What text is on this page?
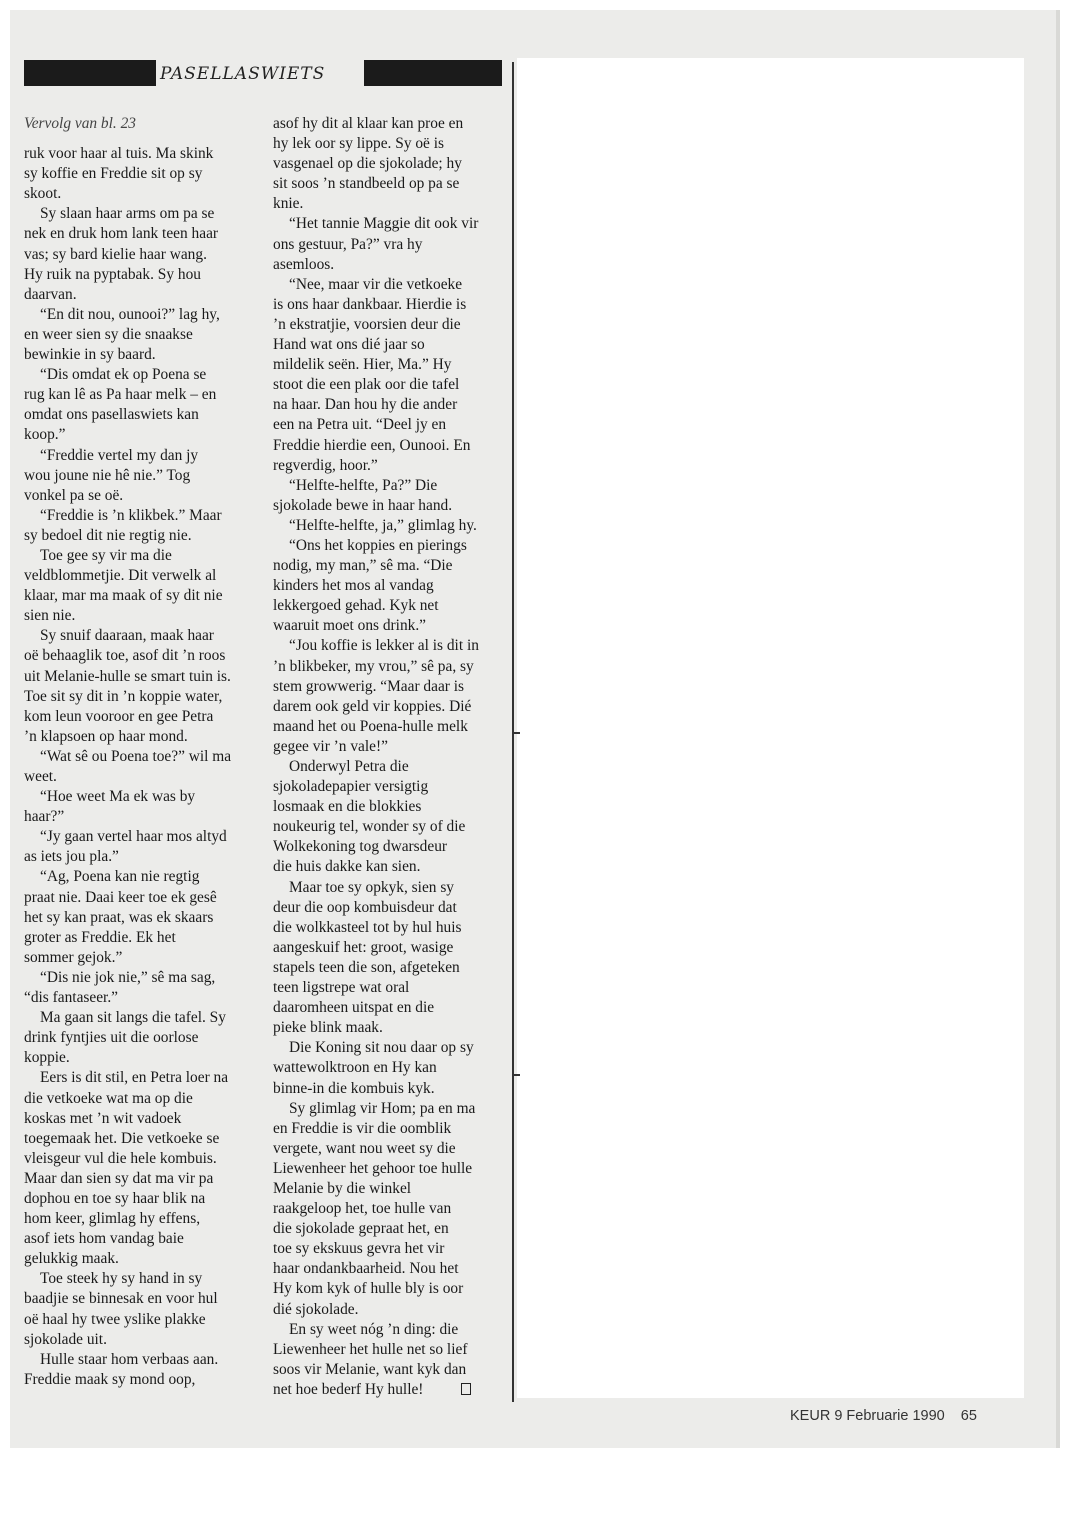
PASELLASWIETS

Vervolg van bl. 23

ruk voor haar al tuis. Ma skink

sy koffie en Freddie sit op sy

skoot.

Sy slaan haar arms om pa se

nek en druk hom lank teen haar

vas; sy bard kielie haar wang.

Hy ruik na pyptabak. Sy hou

daarvan.

“En dit nou, ounooi?” lag hy,

en weer sien sy die snaakse

bewinkie in sy baard.

“Dis omdat ek op Poena se

rug kan lê as Pa haar melk – en

omdat ons pasellaswiets kan

koop.”

“Freddie vertel my dan jy

wou joune nie hê nie.” Tog

vonkel pa se oë.

“Freddie is ’n klikbek.” Maar

sy bedoel dit nie regtig nie.

Toe gee sy vir ma die

veldblommetjie. Dit verwelk al

klaar, mar ma maak of sy dit nie

sien nie.

Sy snuif daaraan, maak haar

oë behaaglik toe, asof dit ’n roos

uit Melanie-hulle se smart tuin is.

Toe sit sy dit in ’n koppie water,

kom leun vooroor en gee Petra

’n klapsoen op haar mond.

“Wat sê ou Poena toe?” wil ma

weet.

“Hoe weet Ma ek was by

haar?”

“Jy gaan vertel haar mos altyd

as iets jou pla.”

“Ag, Poena kan nie regtig

praat nie. Daai keer toe ek gesê

het sy kan praat, was ek skaars

groter as Freddie. Ek het

sommer gejok.”

“Dis nie jok nie,” sê ma sag,

“dis fantaseer.”

Ma gaan sit langs die tafel. Sy

drink fyntjies uit die oorlose

koppie.

Eers is dit stil, en Petra loer na

die vetkoeke wat ma op die

koskas met ’n wit vadoek

toegemaak het. Die vetkoeke se

vleisgeur vul die hele kombuis.

Maar dan sien sy dat ma vir pa

dophou en toe sy haar blik na

hom keer, glimlag hy effens,

asof iets hom vandag baie

gelukkig maak.

Toe steek hy sy hand in sy

baadjie se binnesak en voor hul

oë haal hy twee yslike plakke

sjokolade uit.

Hulle staar hom verbaas aan.

Freddie maak sy mond oop,

asof hy dit al klaar kan proe en

hy lek oor sy lippe. Sy oë is

vasgenael op die sjokolade; hy

sit soos ’n standbeeld op pa se

knie.

“Het tannie Maggie dit ook vir

ons gestuur, Pa?” vra hy

asemloos.

“Nee, maar vir die vetkoeke

is ons haar dankbaar. Hierdie is

’n ekstratjie, voorsien deur die

Hand wat ons dié jaar so

mildelik seën. Hier, Ma.” Hy

stoot die een plak oor die tafel

na haar. Dan hou hy die ander

een na Petra uit. “Deel jy en

Freddie hierdie een, Ounooi. En

regverdig, hoor.”

“Helfte-helfte, Pa?” Die

sjokolade bewe in haar hand.

“Helfte-helfte, ja,” glimlag hy.

“Ons het koppies en pierings

nodig, my man,” sê ma. “Die

kinders het mos al vandag

lekkergoed gehad. Kyk net

waaruit moet ons drink.”

“Jou koffie is lekker al is dit in

’n blikbeker, my vrou,” sê pa, sy

stem growwerig. “Maar daar is

darem ook geld vir koppies. Dié

maand het ou Poena-hulle melk

gegee vir ’n vale!”

Onderwyl Petra die

sjokoladepapier versigtig

losmaak en die blokkies

noukeurig tel, wonder sy of die

Wolkekoning tog dwarsdeur

die huis dakke kan sien.

Maar toe sy opkyk, sien sy

deur die oop kombuisdeur dat

die wolkkasteel tot by hul huis

aangeskuif het: groot, wasige

stapels teen die son, afgeteken

teen ligstrepe wat oral

daaromheen uitspat en die

pieke blink maak.

Die Koning sit nou daar op sy

wattewolktroon en Hy kan

binne-in die kombuis kyk.

Sy glimlag vir Hom; pa en ma

en Freddie is vir die oomblik

vergete, want nou weet sy die

Liewenheer het gehoor toe hulle

Melanie by die winkel

raakgeloop het, toe hulle van

die sjokolade gepraat het, en

toe sy ekskuus gevra het vir

haar ondankbaarheid. Nou het

Hy kom kyk of hulle bly is oor

dié sjokolade.

En sy weet nóg ’n ding: die

Liewenheer het hulle net so lief

soos vir Melanie, want kyk dan

net hoe bederf Hy hulle!

KEUR 9 Februarie 1990 65
